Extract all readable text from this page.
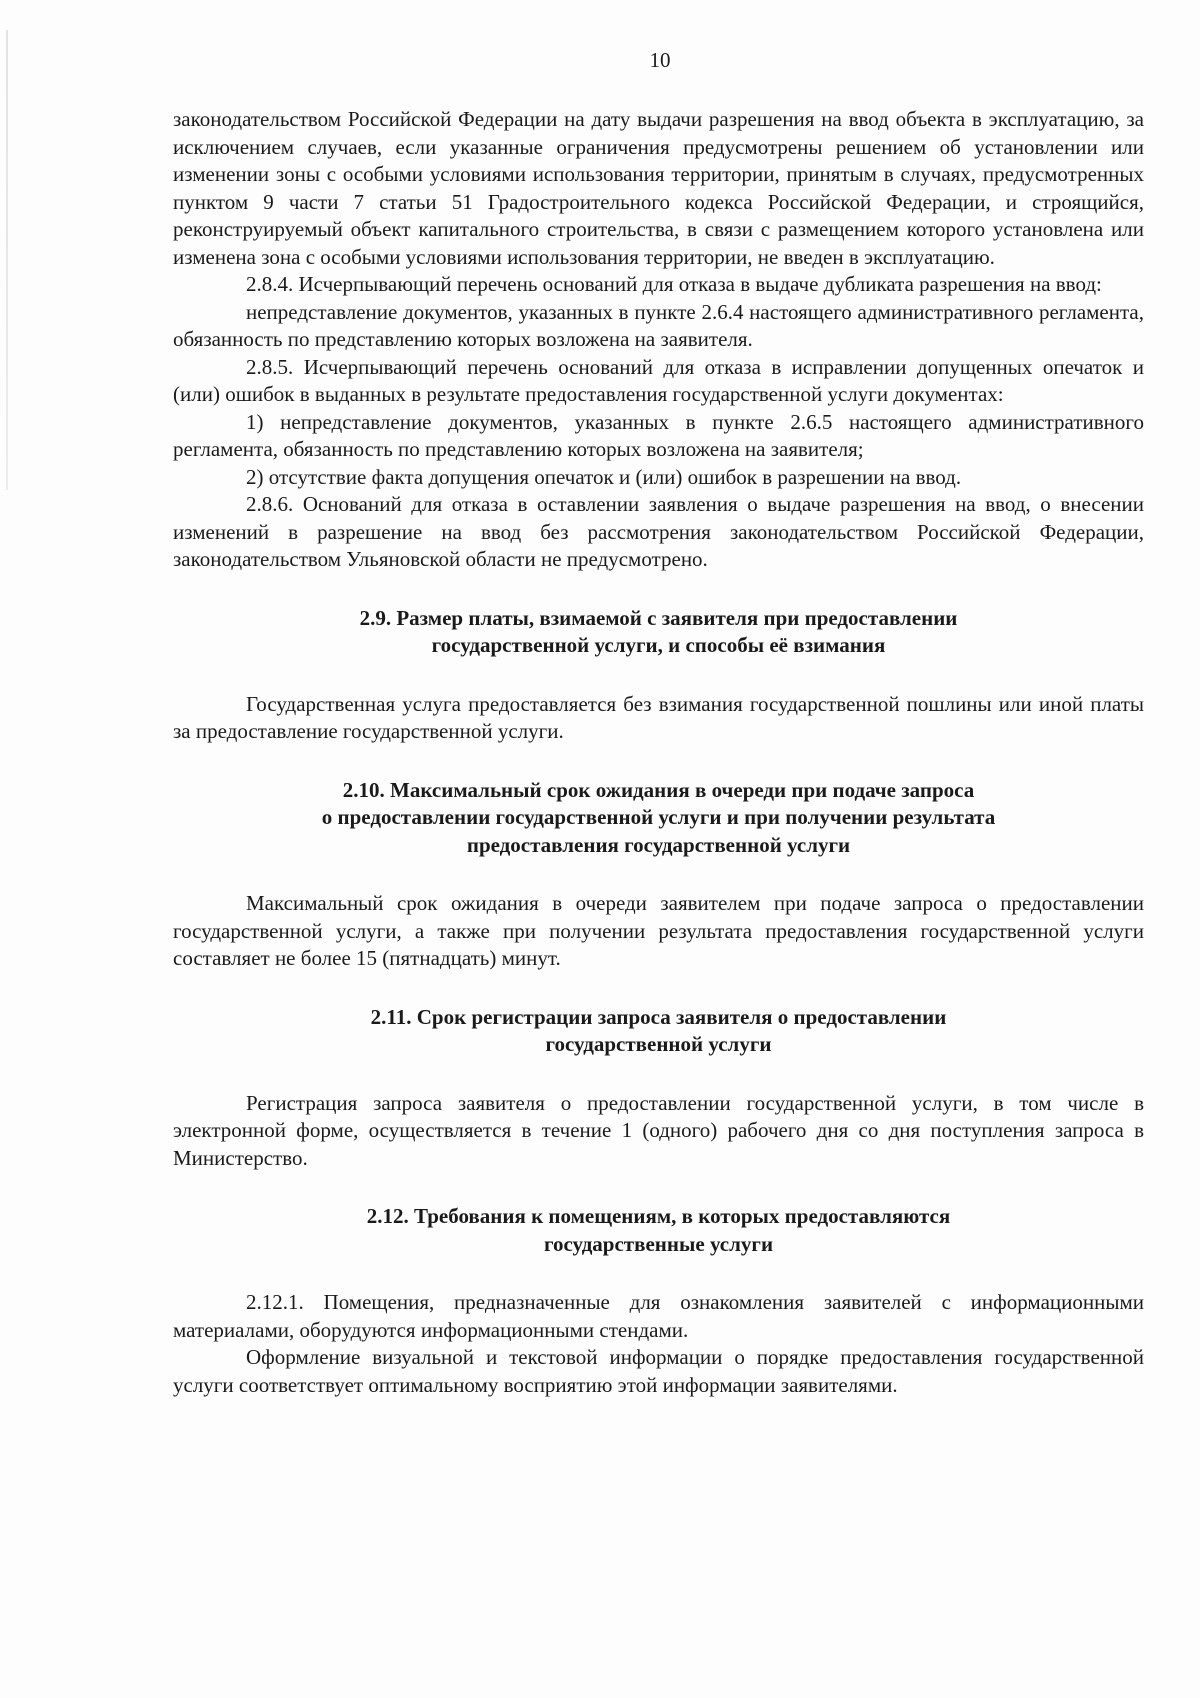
10

законодательством Российской Федерации на дату выдачи разрешения на ввод объекта в эксплуатацию, за исключением случаев, если указанные ограничения предусмотрены решением об установлении или изменении зоны с особыми условиями использования территории, принятым в случаях, предусмотренных пунктом 9 части 7 статьи 51 Градостроительного кодекса Российской Федерации, и строящийся, реконструируемый объект капитального строительства, в связи с размещением которого установлена или изменена зона с особыми условиями использования территории, не введен в эксплуатацию.

2.8.4. Исчерпывающий перечень оснований для отказа в выдаче дубликата разрешения на ввод:

непредставление документов, указанных в пункте 2.6.4 настоящего административного регламента, обязанность по представлению которых возложена на заявителя.

2.8.5. Исчерпывающий перечень оснований для отказа в исправлении допущенных опечаток и (или) ошибок в выданных в результате предоставления государственной услуги документах:

1) непредставление документов, указанных в пункте 2.6.5 настоящего административного регламента, обязанность по представлению которых возложена на заявителя;

2) отсутствие факта допущения опечаток и (или) ошибок в разрешении на ввод.

2.8.6. Оснований для отказа в оставлении заявления о выдаче разрешения на ввод, о внесении изменений в разрешение на ввод без рассмотрения законодательством Российской Федерации, законодательством Ульяновской области не предусмотрено.

2.9. Размер платы, взимаемой с заявителя при предоставлении
государственной услуги, и способы её взимания

Государственная услуга предоставляется без взимания государственной пошлины или иной платы за предоставление государственной услуги.

2.10. Максимальный срок ожидания в очереди при подаче запроса
о предоставлении государственной услуги и при получении результата
предоставления государственной услуги

Максимальный срок ожидания в очереди заявителем при подаче запроса о предоставлении государственной услуги, а также при получении результата предоставления государственной услуги составляет не более 15 (пятнадцать) минут.

2.11. Срок регистрации запроса заявителя о предоставлении
государственной услуги

Регистрация запроса заявителя о предоставлении государственной услуги, в том числе в электронной форме, осуществляется в течение 1 (одного) рабочего дня со дня поступления запроса в Министерство.

2.12. Требования к помещениям, в которых предоставляются
государственные услуги

2.12.1. Помещения, предназначенные для ознакомления заявителей с информационными материалами, оборудуются информационными стендами.

Оформление визуальной и текстовой информации о порядке предоставления государственной услуги соответствует оптимальному восприятию этой информации заявителями.
